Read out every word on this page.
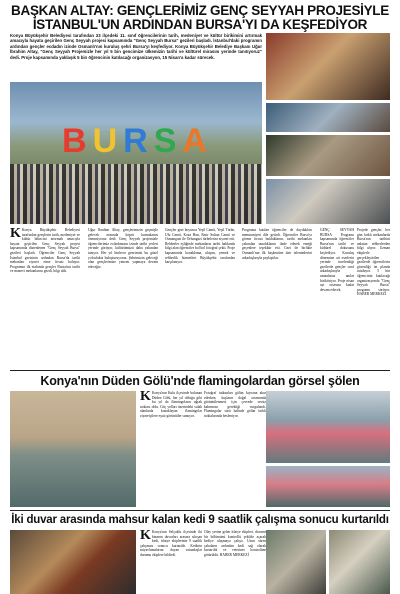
BAŞKAN ALTAY: GENÇLERİMİZ GENÇ SEYYAH PROJESİYLE
İSTANBUL'UN ARDINDAN BURSA'YI DA KEŞFEDİYOR
Konya Büyükşehir Belediyesi tarafından 33 ilçedeki 11. sınıf öğrencilerinin tarih, medeniyet ve kültür birikimini artırmak amacıyla hayata geçirilen Genç Seyyah projesi kapsamında "Genç Seyyah Bursa" gezileri başladı. İstanbul'daki programın ardından gençler ecdadın izinde Osmanlı'nın kuruluş şehri Bursa'yı keşfediyor. Konya Büyükşehir Belediye Başkanı Uğur İbrahim Altay, "Genç Seyyah Projemizle her yıl 5 bin gencimize ülkemizin tarihi ve kültürel mirasını yerinde tanıtıyoruz" dedi. Proje kapsamında yaklaşık 5 bin öğrencinin katılacağı organizasyon, 15 Nisan'a kadar sürecek.
BURSA
K Konya Büyükşehir Belediyesi tarafından gençlerin tarih, medeniyet ve kültür bilincini artırmak amacıyla hayata geçirilen Genç Seyyah projesi kapsamında düzenlenen "Genç Seyyah Bursa" gezileri başladı. Öğrenciler Genç Seyyah İstanbul gezisinin ardından Bursa'da tarihi mekanları ziyaret etme fırsatı buluyor. Programın ilk etabında gençler Bursa'nın tarihi ve manevi mekanlarını gezdi, bilgi aldı.

Uğur İbrahim Altay, gençlerimizin geçmişle gelecek arasında köprü kurmalarını önemsiyoruz dedi. Genç Seyyah projemizle öğrencilerimiz ecdadımızın izinde tarihi yerleri yerinde görüyor, kültürümüzü daha yakından tanıyor. Her yıl binlerce gencimizi bu güzel yolculukta buluşturuyoruz. Şehrimizin geleceği olan gençlerimize yatırım yapmaya devam edeceğiz.

Gençler gezi boyunca Yeşil Camii, Yeşil Türbe, Ulu Camii, Koza Han, Emir Sultan Camii ve Osmangazi ile Orhangazi türbelerini ziyaret etti. Rehberler eşliğinde mekanların tarihi hakkında bilgi alan öğrenciler bol bol fotoğraf çekti. Proje kapsamında konaklama, ulaşım, yemek ve rehberlik hizmetleri Büyükşehir tarafından karşılanıyor.

Programa katılan öğrenciler de duydukları memnuniyeti dile getirdi. Öğrenciler Bursa'yı görme fırsatı bulduklarını, tarihi mekanları yakından tanıdıklarını ifade ederek emeği geçenlere teşekkür etti. Gezi ile birlikte Osmanlı'nın ilk başkentine dair izlenimlerini arkadaşlarıyla paylaştılar.

GENÇ SEYYAH BURSA Programı kapsamında öğrenciler Bursa'nın tarihi ve kültürel dokusunu keşfediyor. Kuruluş dönemine ait eserlerin yerinde incelendiği gezilerde gençler sınıf arkadaşlarıyla unutulmaz anılar biriktiriyor. Proje nisan ayı ortasına kadar devam edecek.

Projede gençler, her gün farklı mekanlarda Bursa'nın tarihini anlatan rehberlerden bilgi alıyor. Uzman ekiplerle gerçekleştirilen gezilerde öğrencilerin güvenliği ön planda tutuluyor. 5 bin öğrencinin katılacağı organizasyonda "Genç Seyyah Bursa" programı sürüyor. HABER MERKEZİ

Konya'nın Düden Gölü'nde flamingolardan görsel şölen
K Konya'nın Kulu ilçesinde bulunan Düden Gölü, her yıl olduğu gibi bu yıl da flamingoların uğrak noktası oldu. Göç yolları üzerindeki sulak alanlarda konaklayan flamingolar ziyaretçilere eşsiz görüntüler sunuyor.
Fotoğraf tutkunları gölün kıyısına akın ederken, kuşların doğal ortamında görüntülenmesi için çevrede sessiz kalınması gerektiği vurgulandı. Flamingolar sürü halinde gölün farklı noktalarında besleniyor.
İki duvar arasında mahsur kalan kedi 9 saatlik çalışma sonucu kurtarıldı
K Konya'nın Selçuklu ilçesinde iki binanın duvarları arasına sıkışan kedi, itfaiye ekiplerinin 9 saatlik çalışması sonucu kurtarıldı. Kedinin miyavlamalarını duyan vatandaşlar durumu ekiplere bildirdi.
Olay yerine gelen itfaiye ekipleri, duvarın bir bölümünü kontrollü şekilde açarak kediye ulaşmaya çalıştı. Uzun süren çabaların ardından kedi sağ olarak kurtarıldı ve veteriner kontrolüne götürüldü. HABER MERKEZİ
